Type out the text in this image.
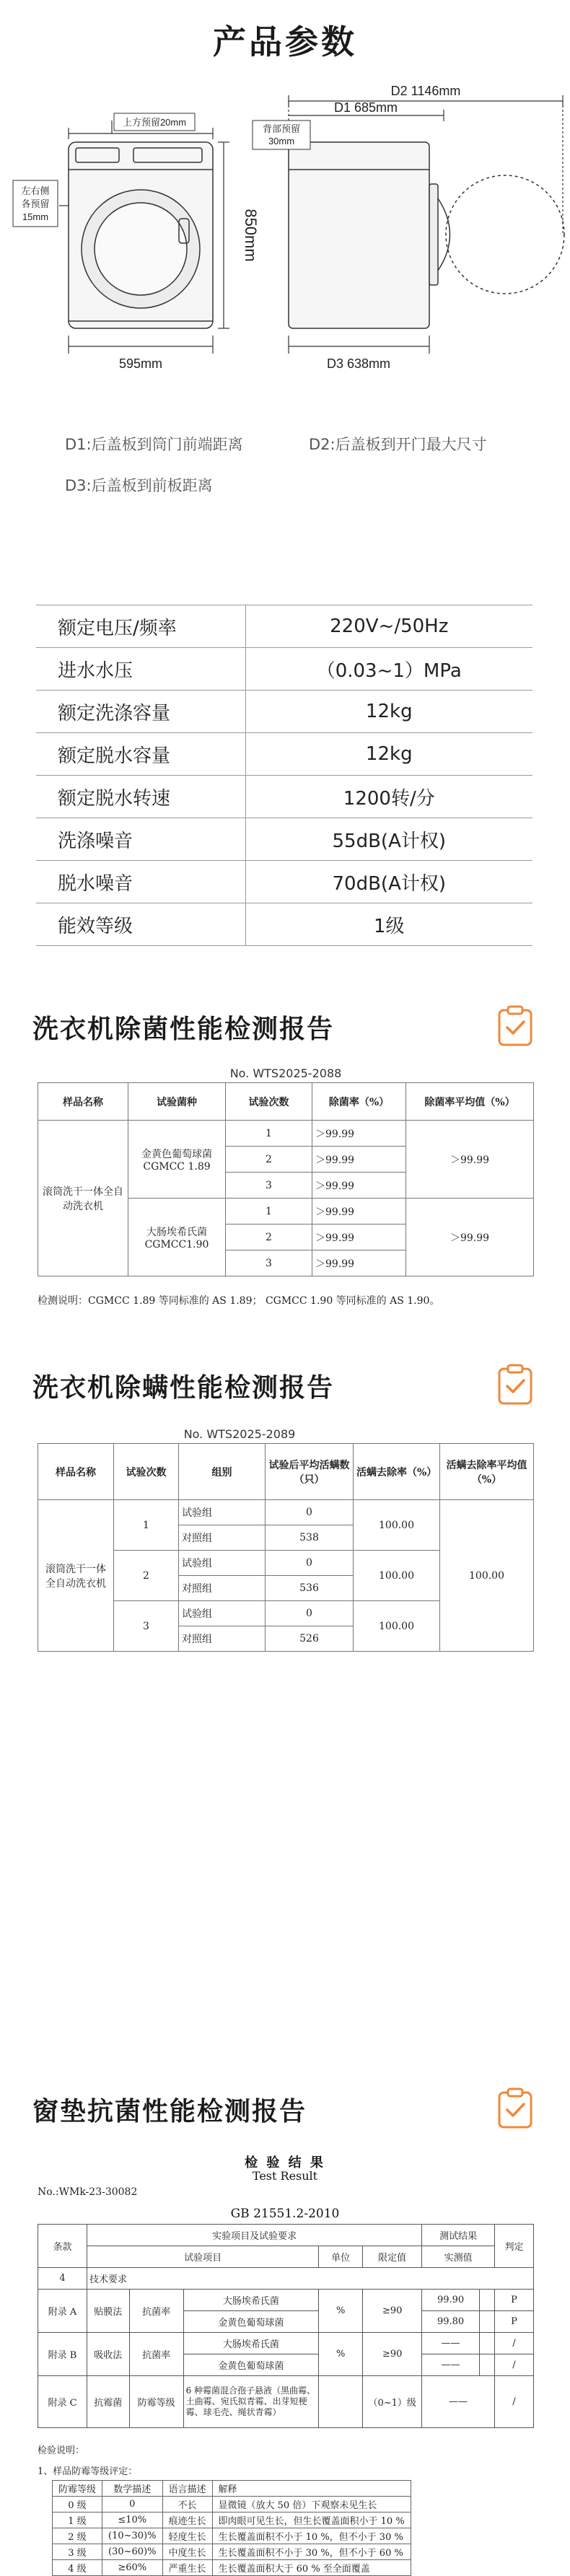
产品参数
上方预留20mm
左右侧
各预留
15mm	850mm
595mm
背部预留
30mm
D2 1146mm
D1 685mm
D3 638mm
D1:后盖板到筒门前端距离	D2:后盖板到开门最大尺寸
D3:后盖板到前板距离
额定电压/频率	220V~/50Hz
进水水压	（0.03~1）MPa
额定洗涤容量	12kg
额定脱水容量	12kg
额定脱水转速	1200转/分
洗涤噪音	55dB(A计权)
脱水噪音	70dB(A计权)
能效等级	1级
洗衣机除菌性能检测报告
No. WTS2025-2088
样品名称	试验菌种	试验次数	除菌率（%）	除菌率平均值（%）
滚筒洗干一体全自动洗衣机	金黄色葡萄球菌 CGMCC 1.89	1	＞99.99	＞99.99
		2	＞99.99	
		3	＞99.99	
	大肠埃希氏菌 CGMCC1.90	1	＞99.99	＞99.99
		2	＞99.99	
		3	＞99.99	
检测说明：CGMCC 1.89 等同标准的 AS 1.89； CGMCC 1.90 等同标准的 AS 1.90。
洗衣机除螨性能检测报告
No. WTS2025-2089
样品名称	试验次数	组别	试验后平均活螨数（只）	活螨去除率（%）	活螨去除率平均值（%）
滚筒洗干一体全自动洗衣机	1	试验组	0	100.00	100.00
		对照组	538		
	2	试验组	0	100.00	
		对照组	536		
	3	试验组	0	100.00	
		对照组	526		
窗垫抗菌性能检测报告
检 验 结 果
Test Result
No.:WMk-23-30082
GB 21551.2-2010
条款	实验项目及试验要求					测试结果		判定
	试验项目			单位	限定值	实测值		
4	技术要求							
附录 A	贴膜法	抗菌率	大肠埃希氏菌	%	≥90	99.90		P
			金黄色葡萄球菌			99.80		P
附录 B	吸收法	抗菌率	大肠埃希氏菌	%	≥90	——		/
			金黄色葡萄球菌			——		/
附录 C	抗霉菌	防霉等级	6 种霉菌混合孢子悬液（黑曲霉、土曲霉、宛氏拟青霉、出芽短梗霉、球毛壳、绳状青霉）		（0~1）级	——		/
检验说明：
1、样品防霉等级评定：
防霉等级	数学描述	语言描述	解释
0 级	0	不长	显微镜（放大 50 倍）下观察未见生长
1 级	≤10%	痕迹生长	即肉眼可见生长，但生长覆盖面积小于 10 %
2 级	(10~30)%	轻度生长	生长覆盖面积不小于 10 %，但不小于 30 %
3 级	(30~60)%	中度生长	生长覆盖面积不小于 30 %，但不小于 60 %
4 级	≥60%	严重生长	生长覆盖面积大于 60 % 至全面覆盖
